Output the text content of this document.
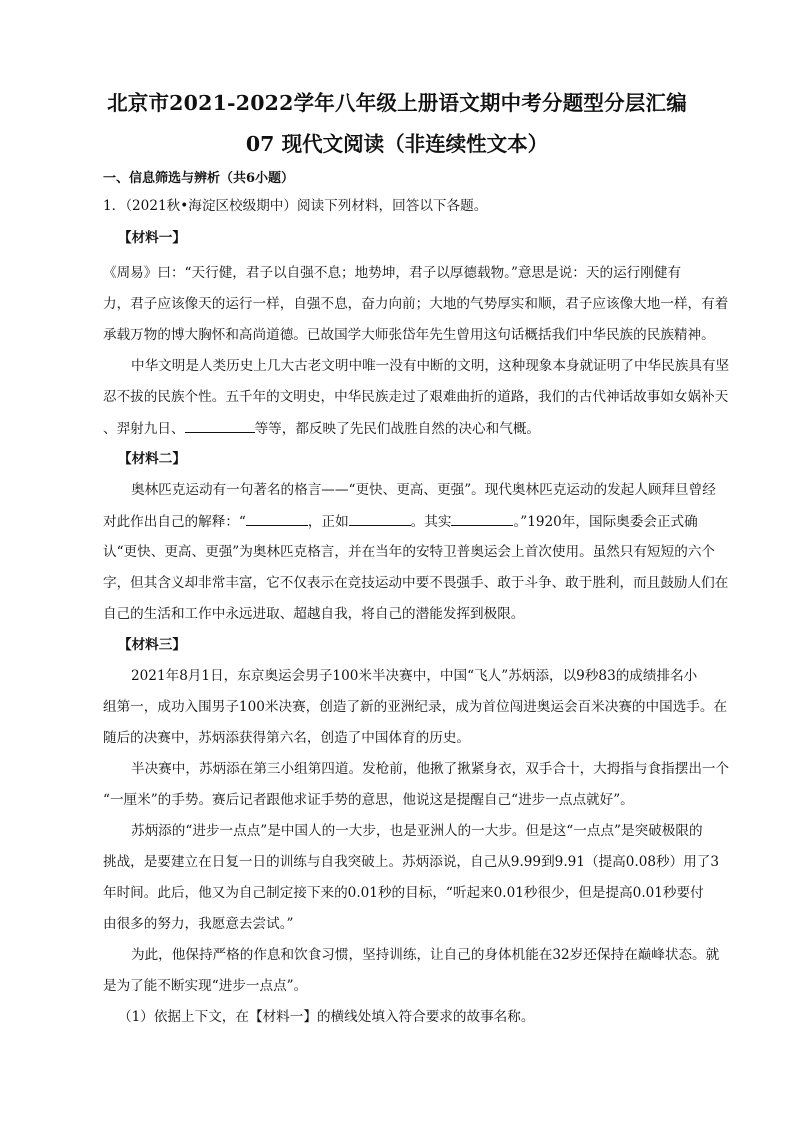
北京市2021-2022学年八年级上册语文期中考分题型分层汇编
07 现代文阅读（非连续性文本）
一、信息筛选与辨析（共6小题）
1．（2021秋•海淀区校级期中）阅读下列材料，回答以下各题。
【材料一】
《周易》曰：“天行健，君子以自强不息；地势坤，君子以厚德载物。”意思是说：天的运行刚健有
力，君子应该像天的运行一样，自强不息，奋力向前；大地的气势厚实和顺，君子应该像大地一样，有着
承载万物的博大胸怀和高尚道德。已故国学大师张岱年先生曾用这句话概括我们中华民族的民族精神。
中华文明是人类历史上几大古老文明中唯一没有中断的文明，这种现象本身就证明了中华民族具有坚
忍不拔的民族个性。五千年的文明史，中华民族走过了艰难曲折的道路，我们的古代神话故事如女娲补天
、羿射九日、	等等，都反映了先民们战胜自然的决心和气概。
【材料二】
奥林匹克运动有一句著名的格言——“更快、更高、更强”。现代奥林匹克运动的发起人顾拜旦曾经
对此作出自己的解释：“	，正如	。其实	。”1920年，国际奥委会正式确
认“更快、更高、更强”为奥林匹克格言，并在当年的安特卫普奥运会上首次使用。虽然只有短短的六个
字，但其含义却非常丰富，它不仅表示在竞技运动中要不畏强手、敢于斗争、敢于胜利，而且鼓励人们在
自己的生活和工作中永远进取、超越自我，将自己的潜能发挥到极限。
【材料三】
2021年8月1日，东京奥运会男子100米半决赛中，中国“飞人”苏炳添，以9秒83的成绩排名小
组第一，成功入围男子100米决赛，创造了新的亚洲纪录，成为首位闯进奥运会百米决赛的中国选手。在
随后的决赛中，苏炳添获得第六名，创造了中国体育的历史。
半决赛中，苏炳添在第三小组第四道。发枪前，他揪了揪紧身衣，双手合十，大拇指与食指摆出一个
“一厘米”的手势。赛后记者跟他求证手势的意思，他说这是提醒自己“进步一点点就好”。
苏炳添的“进步一点点”是中国人的一大步，也是亚洲人的一大步。但是这“一点点”是突破极限的
挑战，是要建立在日复一日的训练与自我突破上。苏炳添说，自己从9.99到9.91（提高0.08秒）用了3
年时间。此后，他又为自己制定接下来的0.01秒的目标，“听起来0.01秒很少，但是提高0.01秒要付
由很多的努力，我愿意去尝试。”
为此，他保持严格的作息和饮食习惯，坚持训练，让自己的身体机能在32岁还保持在巅峰状态。就
是为了能不断实现“进步一点点”。
（1）依据上下文，在【材料一】的横线处填入符合要求的故事名称。
